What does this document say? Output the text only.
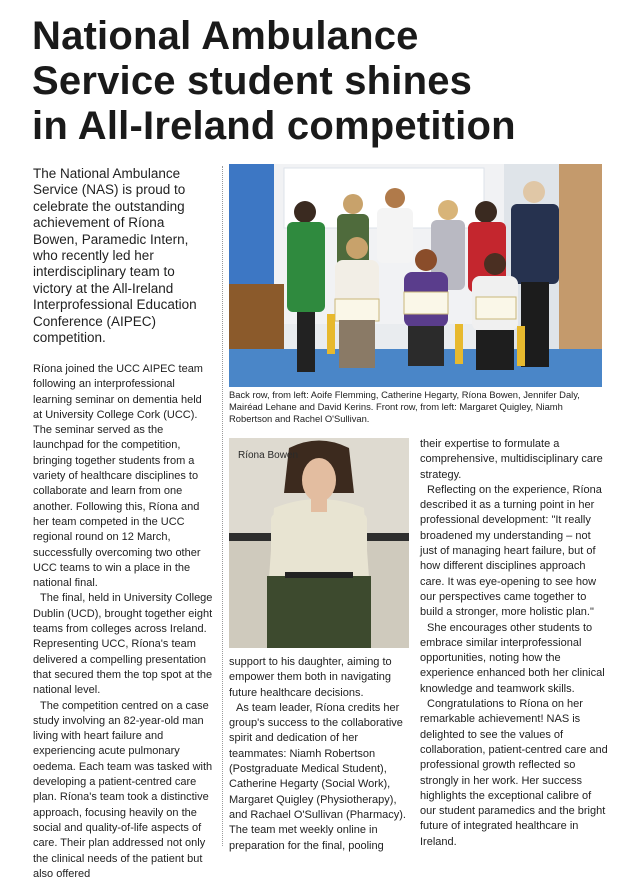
National Ambulance
Service student shines
in All-Ireland competition

The National Ambulance Service (NAS) is proud to celebrate the outstanding achievement of Ríona Bowen, Paramedic Intern, who recently led her interdisciplinary team to victory at the All-Ireland Interprofessional Education Conference (AIPEC) competition.

Ríona joined the UCC AIPEC team following an interprofessional learning seminar on dementia held at University College Cork (UCC). The seminar served as the launchpad for the competition, bringing together students from a variety of healthcare disciplines to collaborate and learn from one another. Following this, Ríona and her team competed in the UCC regional round on 12 March, successfully overcoming two other UCC teams to win a place in the national final.

The final, held in University College Dublin (UCD), brought together eight teams from colleges across Ireland. Representing UCC, Ríona's team delivered a compelling presentation that secured them the top spot at the national level.

The competition centred on a case study involving an 82-year-old man living with heart failure and experiencing acute pulmonary oedema. Each team was tasked with developing a patient-centred care plan. Ríona's team took a distinctive approach, focusing heavily on the social and quality-of-life aspects of care. Their plan addressed not only the clinical needs of the patient but also offered

Back row, from left: Aoife Flemming, Catherine Hegarty, Ríona Bowen, Jennifer Daly, Mairéad Lehane and David Kerins. Front row, from left: Margaret Quigley, Niamh Robertson and Rachel O'Sullivan.

Ríona Bowen

support to his daughter, aiming to empower them both in navigating future healthcare decisions.

As team leader, Ríona credits her group's success to the collaborative spirit and dedication of her teammates: Niamh Robertson (Postgraduate Medical Student), Catherine Hegarty (Social Work), Margaret Quigley (Physiotherapy), and Rachael O'Sullivan (Pharmacy). The team met weekly online in preparation for the final, pooling

their expertise to formulate a comprehensive, multidisciplinary care strategy.

Reflecting on the experience, Ríona described it as a turning point in her professional development: "It really broadened my understanding – not just of managing heart failure, but of how different disciplines approach care. It was eye-opening to see how our perspectives came together to build a stronger, more holistic plan."

She encourages other students to embrace similar interprofessional opportunities, noting how the experience enhanced both her clinical knowledge and teamwork skills.

Congratulations to Ríona on her remarkable achievement! NAS is delighted to see the values of collaboration, patient-centred care and professional growth reflected so strongly in her work. Her success highlights the exceptional calibre of our student paramedics and the bright future of integrated healthcare in Ireland.
